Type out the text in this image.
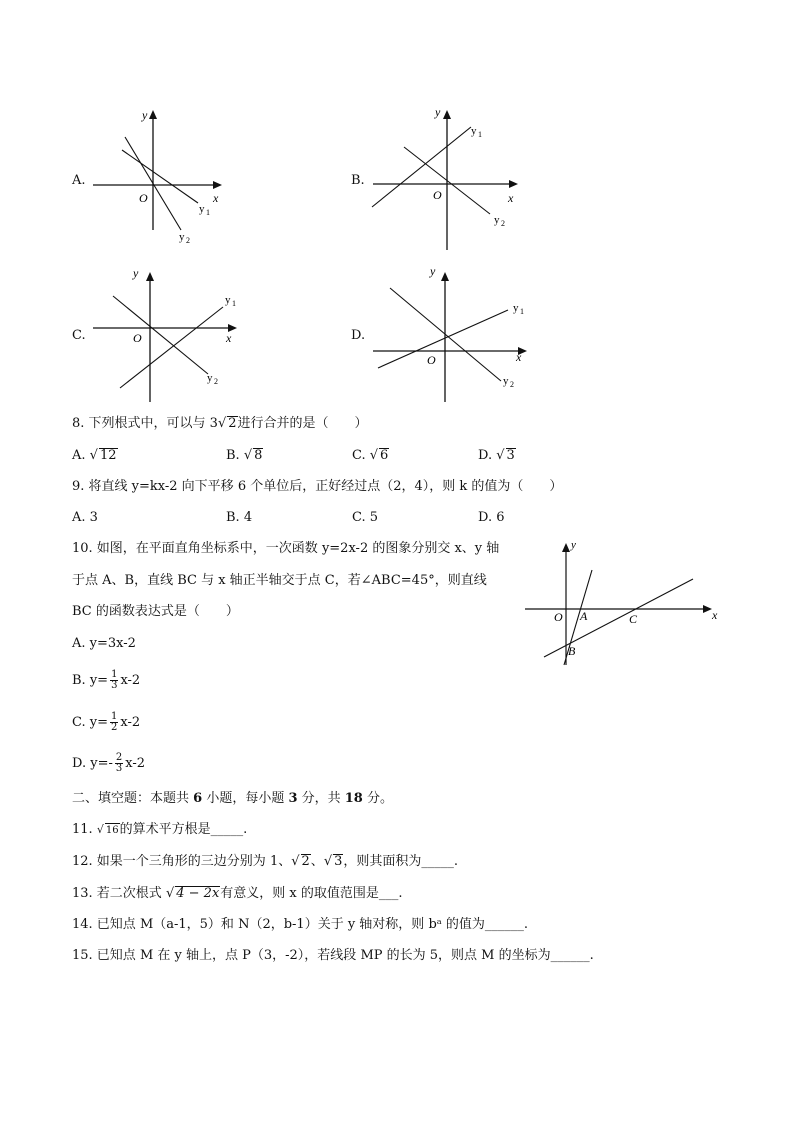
A.
y
x
O
y 1
y 2
B.
y
x
O
y 1
y 2
C.
y
x
O
y 1
y 2
D.
y
x
O
y 1
y 2
8. 下列根式中，可以与 3√ 2进行合并的是（　　）
A. √ 12	B. √ 8	C. √ 6	D. √ 3
9. 将直线 y=kx-2 向下平移 6 个单位后，正好经过点（2，4），则 k 的值为（　　）
A. 3	B. 4	C. 5	D. 6
10. 如图，在平面直角坐标系中，一次函数 y=2x-2 的图象分别交 x、y 轴
于点 A、B，直线 BC 与 x 轴正半轴交于点 C，若∠ABC=45°，则直线
BC 的函数表达式是（　　）
A. y=3x-2
B. $y= \frac{1}{3} x-2$
C. $y= \frac{1}{2} x-2$
D. $y=- \frac{2}{3} x-2$
y
x
O A	C
B
二、填空题：本题共 6 小题，每小题 3 分，共 18 分。
11. √ 16的算术平方根是_____.
12. 如果一个三角形的三边分别为 1、√ 2、√ 3，则其面积为_____.
13. 若二次根式 √ 4 − 2x有意义，则 x 的取值范围是___.
14. 已知点 M（a-1，5）和 N（2，b-1）关于 y 轴对称，则 bᵃ 的值为______.
15. 已知点 M 在 y 轴上，点 P（3，-2），若线段 MP 的长为 5，则点 M 的坐标为______.
